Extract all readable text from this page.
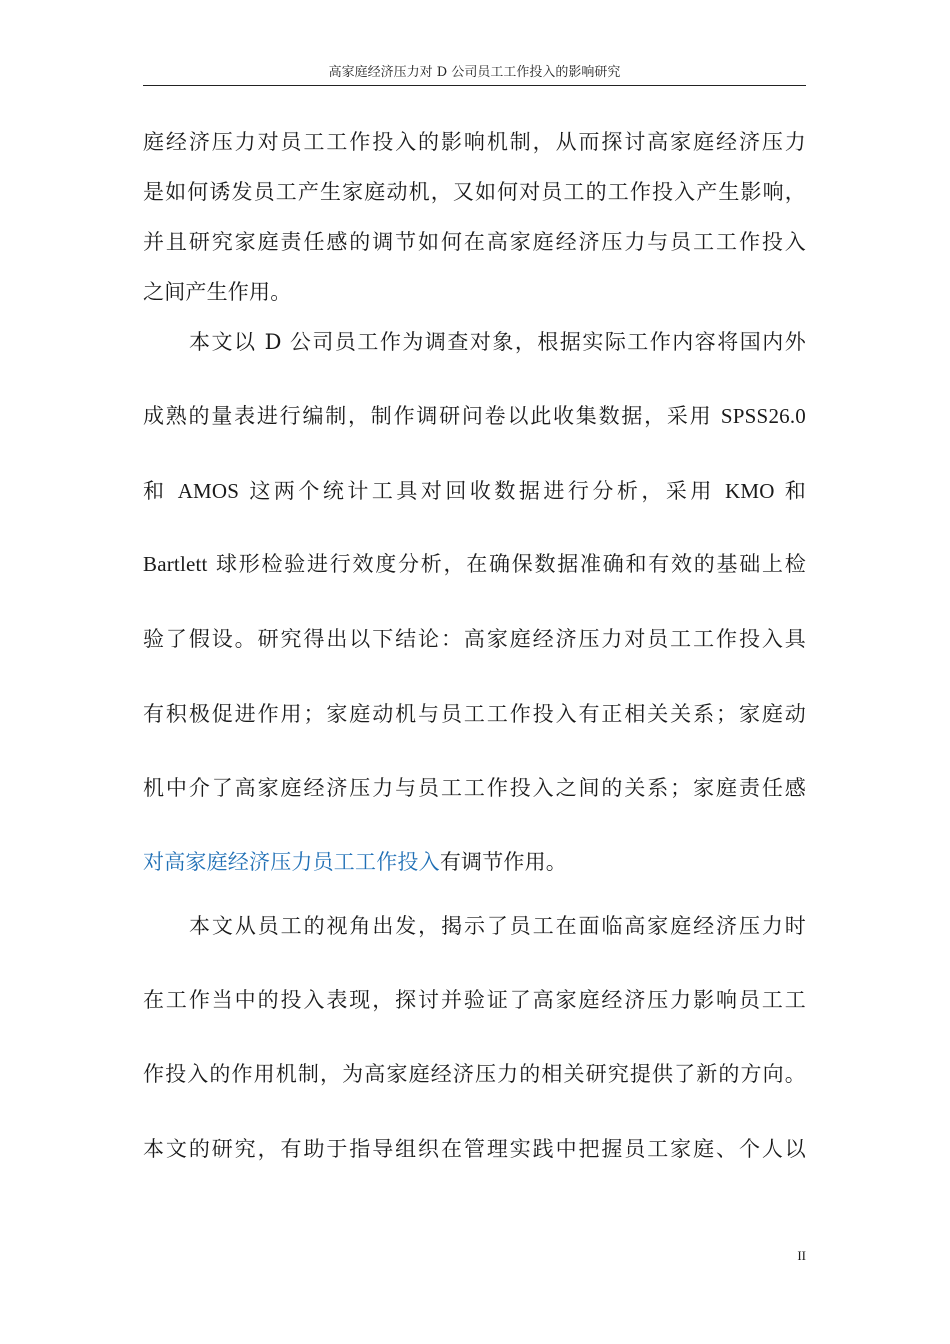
高家庭经济压力对 D 公司员工工作投入的影响研究
庭经济压力对员工工作投入的影响机制，从而探讨高家庭经济压力
是如何诱发员工产生家庭动机，又如何对员工的工作投入产生影响，
并且研究家庭责任感的调节如何在高家庭经济压力与员工工作投入
之间产生作用。
本文以 D 公司员工作为调查对象，根据实际工作内容将国内外
成熟的量表进行编制，制作调研问卷以此收集数据，采用 SPSS26.0
和 AMOS 这两个统计工具对回收数据进行分析，采用 KMO 和
Bartlett 球形检验进行效度分析，在确保数据准确和有效的基础上检
验了假设。研究得出以下结论：高家庭经济压力对员工工作投入具
有积极促进作用；家庭动机与员工工作投入有正相关关系；家庭动
机中介了高家庭经济压力与员工工作投入之间的关系；家庭责任感
对高家庭经济压力员工工作投入有调节作用。
本文从员工的视角出发，揭示了员工在面临高家庭经济压力时
在工作当中的投入表现，探讨并验证了高家庭经济压力影响员工工
作投入的作用机制，为高家庭经济压力的相关研究提供了新的方向。
本文的研究，有助于指导组织在管理实践中把握员工家庭、个人以
II
